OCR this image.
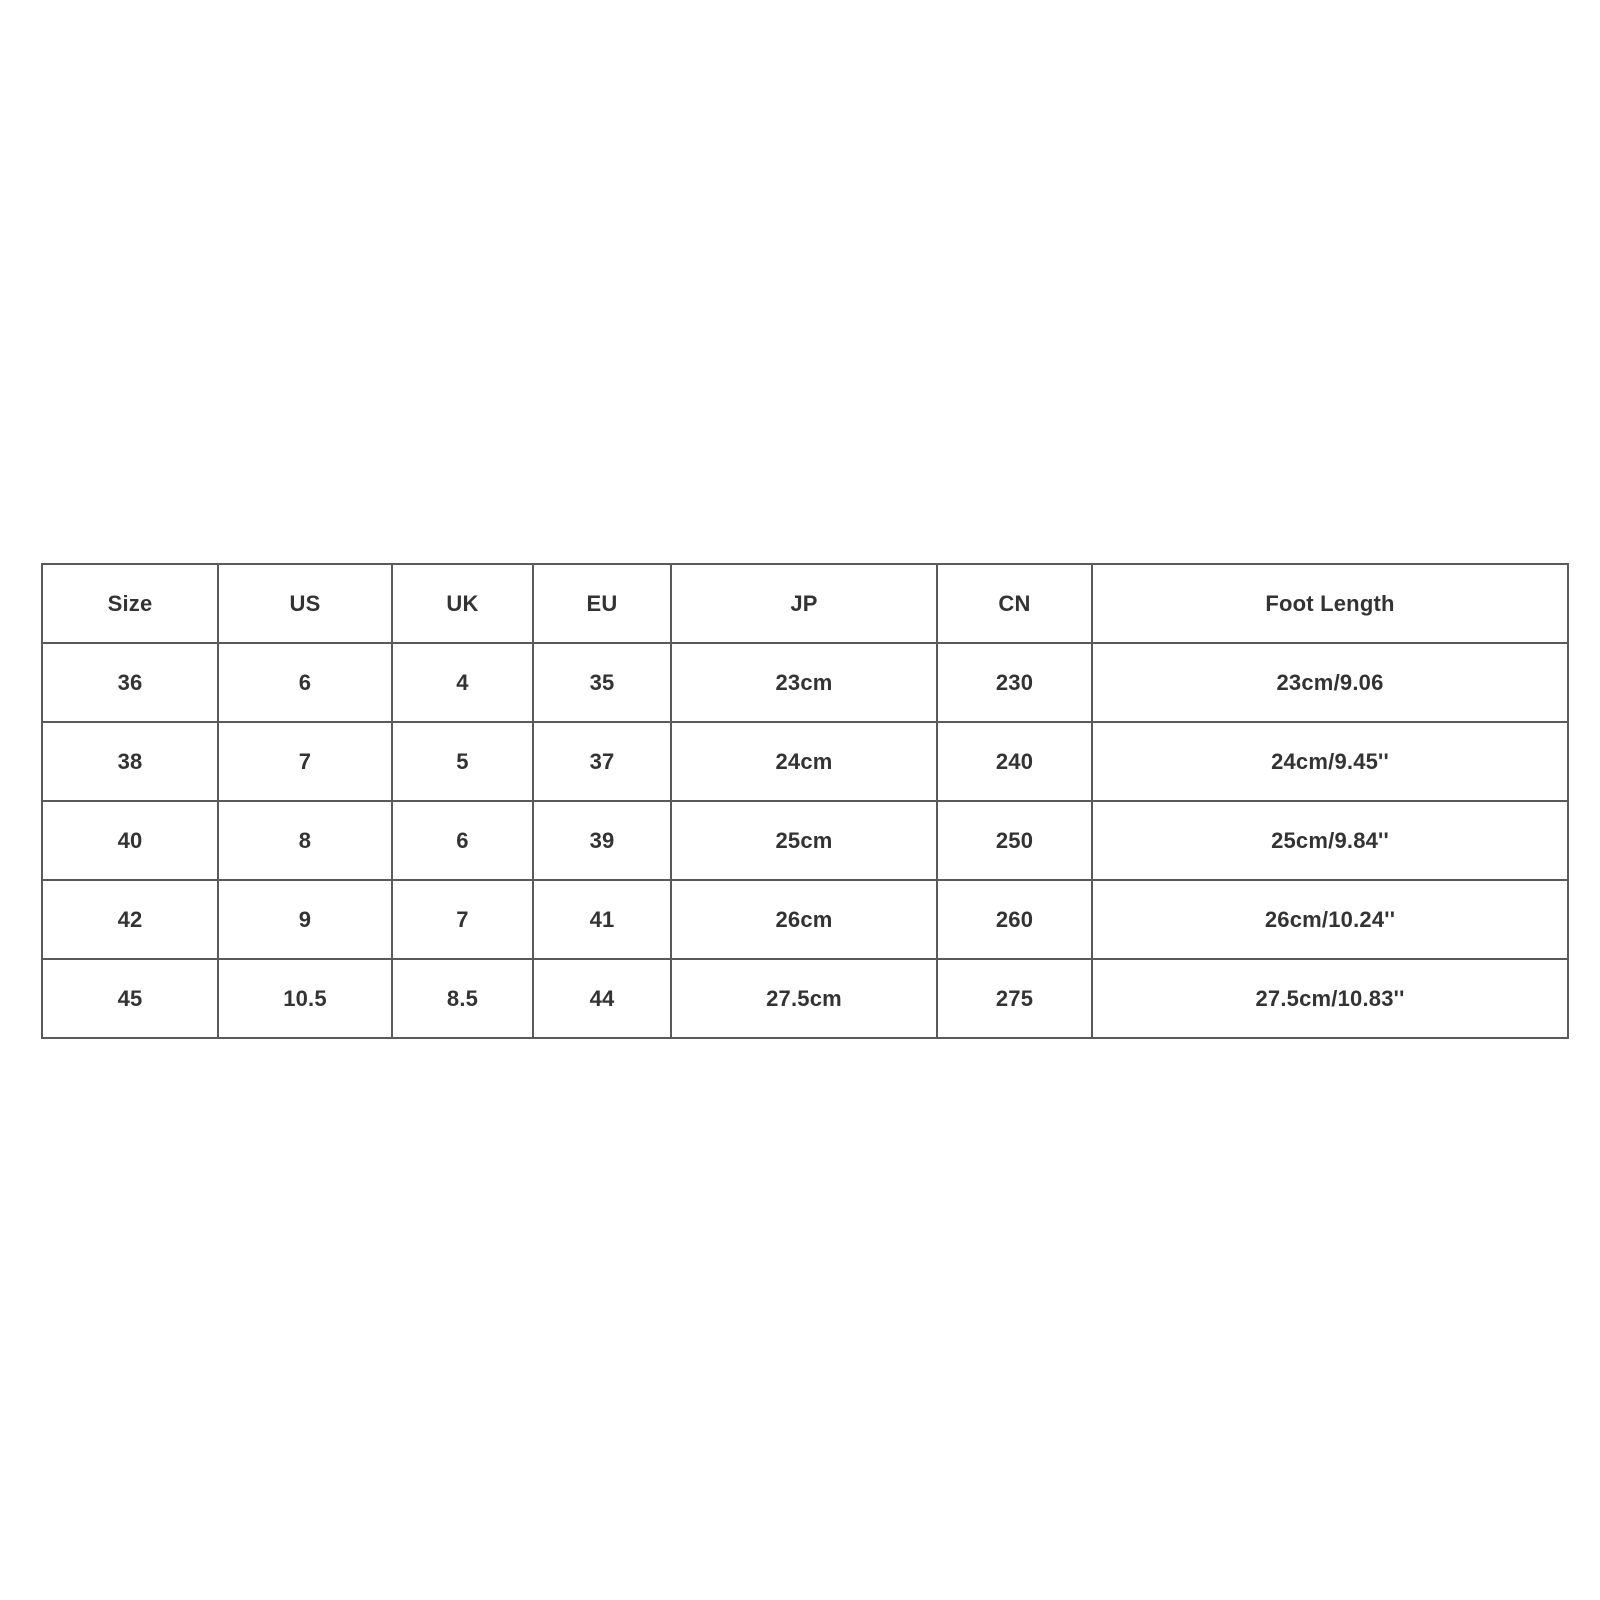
Size	US	UK	EU	JP	CN	Foot Length
36	6	4	35	23cm	230	23cm/9.06
38	7	5	37	24cm	240	24cm/9.45''
40	8	6	39	25cm	250	25cm/9.84''
42	9	7	41	26cm	260	26cm/10.24''
45	10.5	8.5	44	27.5cm	275	27.5cm/10.83''
